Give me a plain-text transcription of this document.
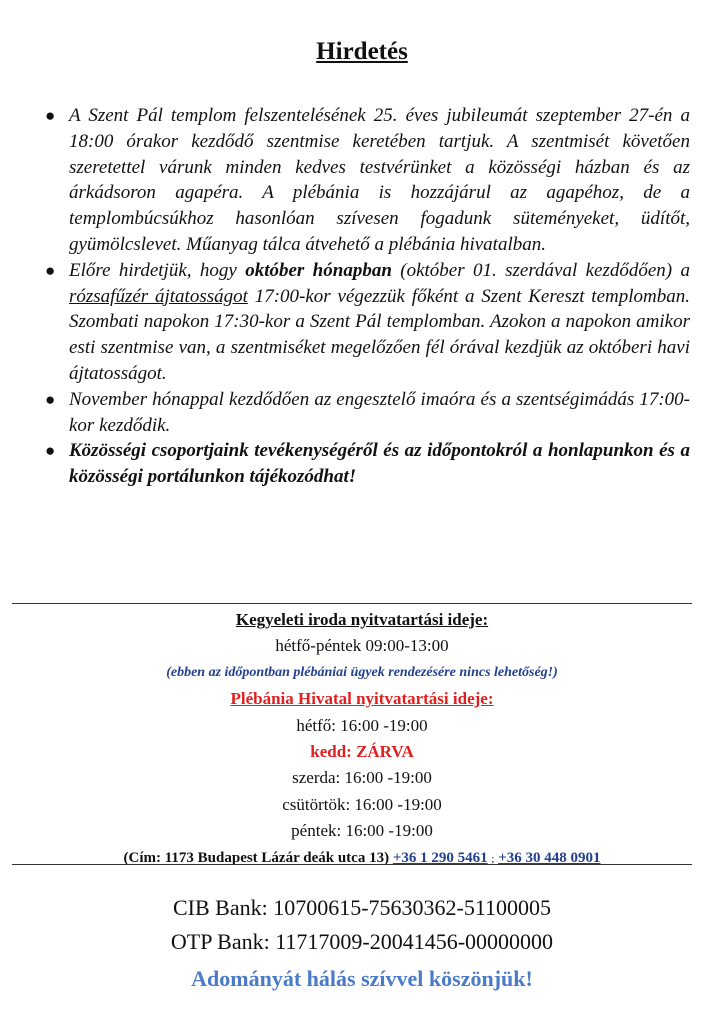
Hirdetés
● A Szent Pál templom felszentelésének 25. éves jubileumát szeptember 27-én a 18:00 órakor kezdődő szentmise keretében tartjuk. A szentmisét követően szeretettel várunk minden kedves testvérünket a közösségi házban és az árkádsoron agapéra. A plébánia is hozzájárul az agapéhoz, de a templombúcsúkhoz hasonlóan szívesen fogadunk süteményeket, üdítőt, gyümölcslevet. Műanyag tálca átvehető a plébánia hivatalban.
● Előre hirdetjük, hogy október hónapban (október 01. szerdával kezdődően) a rózsafűzér ájtatosságot 17:00-kor végezzük főként a Szent Kereszt templomban. Szombati napokon 17:30-kor a Szent Pál templomban. Azokon a napokon amikor esti szentmise van, a szentmiséket megelőzően fél órával kezdjük az októberi havi ájtatosságot.
● November hónappal kezdődően az engesztelő imaóra és a szentségimádás 17:00-kor kezdődik.
● Közösségi csoportjaink tevékenységéről és az időpontokról a honlapunkon és a közösségi portálunkon tájékozódhat!
Kegyeleti iroda nyitvatartási ideje:
hétfő-péntek 09:00-13:00
(ebben az időpontban plébániai ügyek rendezésére nincs lehetőség!)
Plébánia Hivatal nyitvatartási ideje:
hétfő: 16:00 -19:00
kedd: ZÁRVA
szerda: 16:00 -19:00
csütörtök: 16:00 -19:00
péntek: 16:00 -19:00
(Cím: 1173 Budapest Lázár deák utca 13) +36 1 290 5461 ; +36 30 448 0901
CIB Bank: 10700615-75630362-51100005
OTP Bank: 11717009-20041456-00000000
Adományát hálás szívvel köszönjük!
